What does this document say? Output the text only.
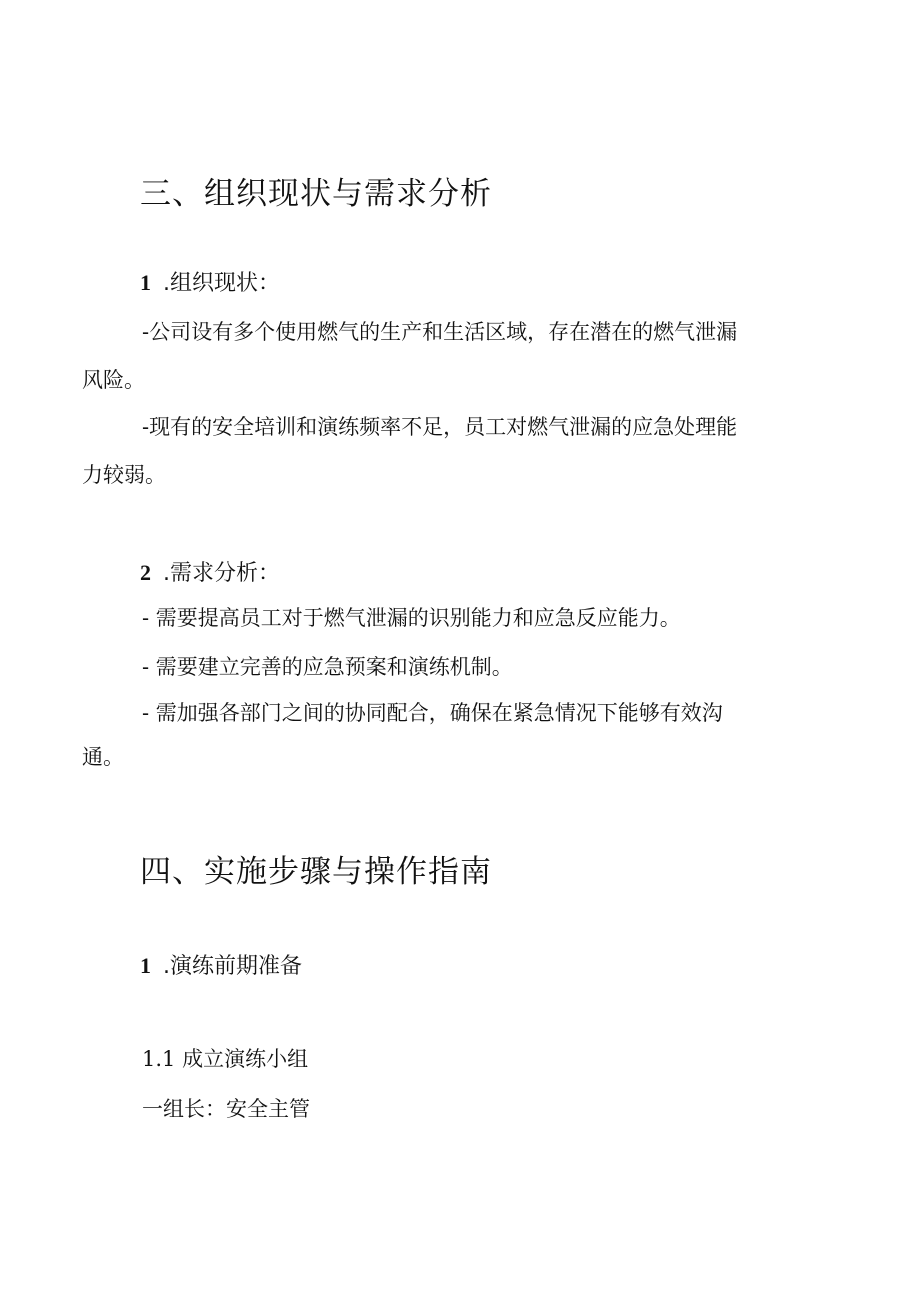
三、组织现状与需求分析
1 .组织现状：
-公司设有多个使用燃气的生产和生活区域，存在潜在的燃气泄漏
风险。
-现有的安全培训和演练频率不足，员工对燃气泄漏的应急处理能
力较弱。
2 .需求分析：
- 需要提高员工对于燃气泄漏的识别能力和应急反应能力。
- 需要建立完善的应急预案和演练机制。
- 需加强各部门之间的协同配合，确保在紧急情况下能够有效沟
通。
四、实施步骤与操作指南
1 .演练前期准备
1.1 成立演练小组
一组长：安全主管
